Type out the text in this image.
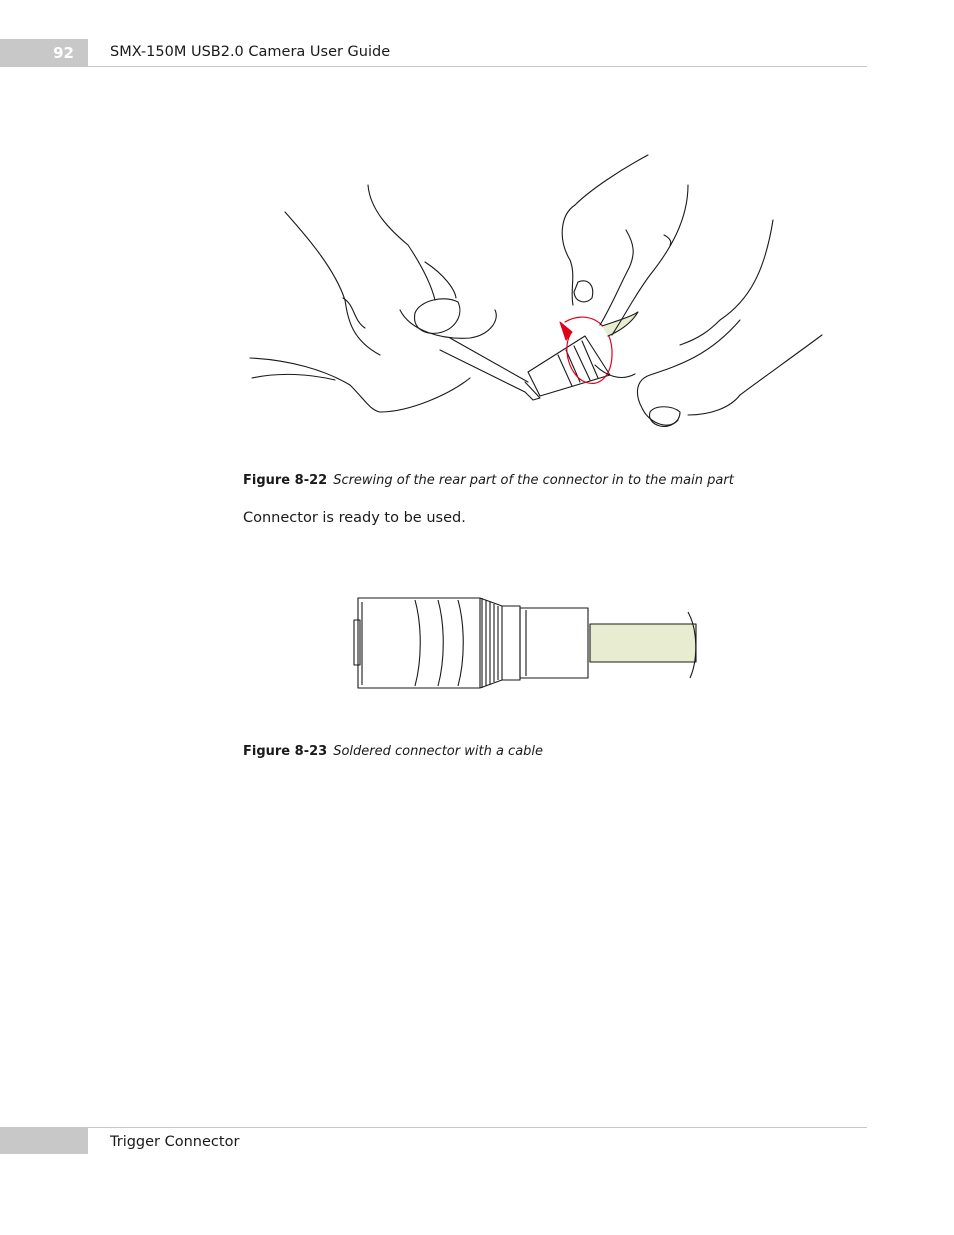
92	SMX-150M USB2.0 Camera User Guide
Figure 8-22 Screwing of the rear part of the connector in to the main part
Connector is ready to be used.
Figure 8-23 Soldered connector with a cable
Trigger Connector
